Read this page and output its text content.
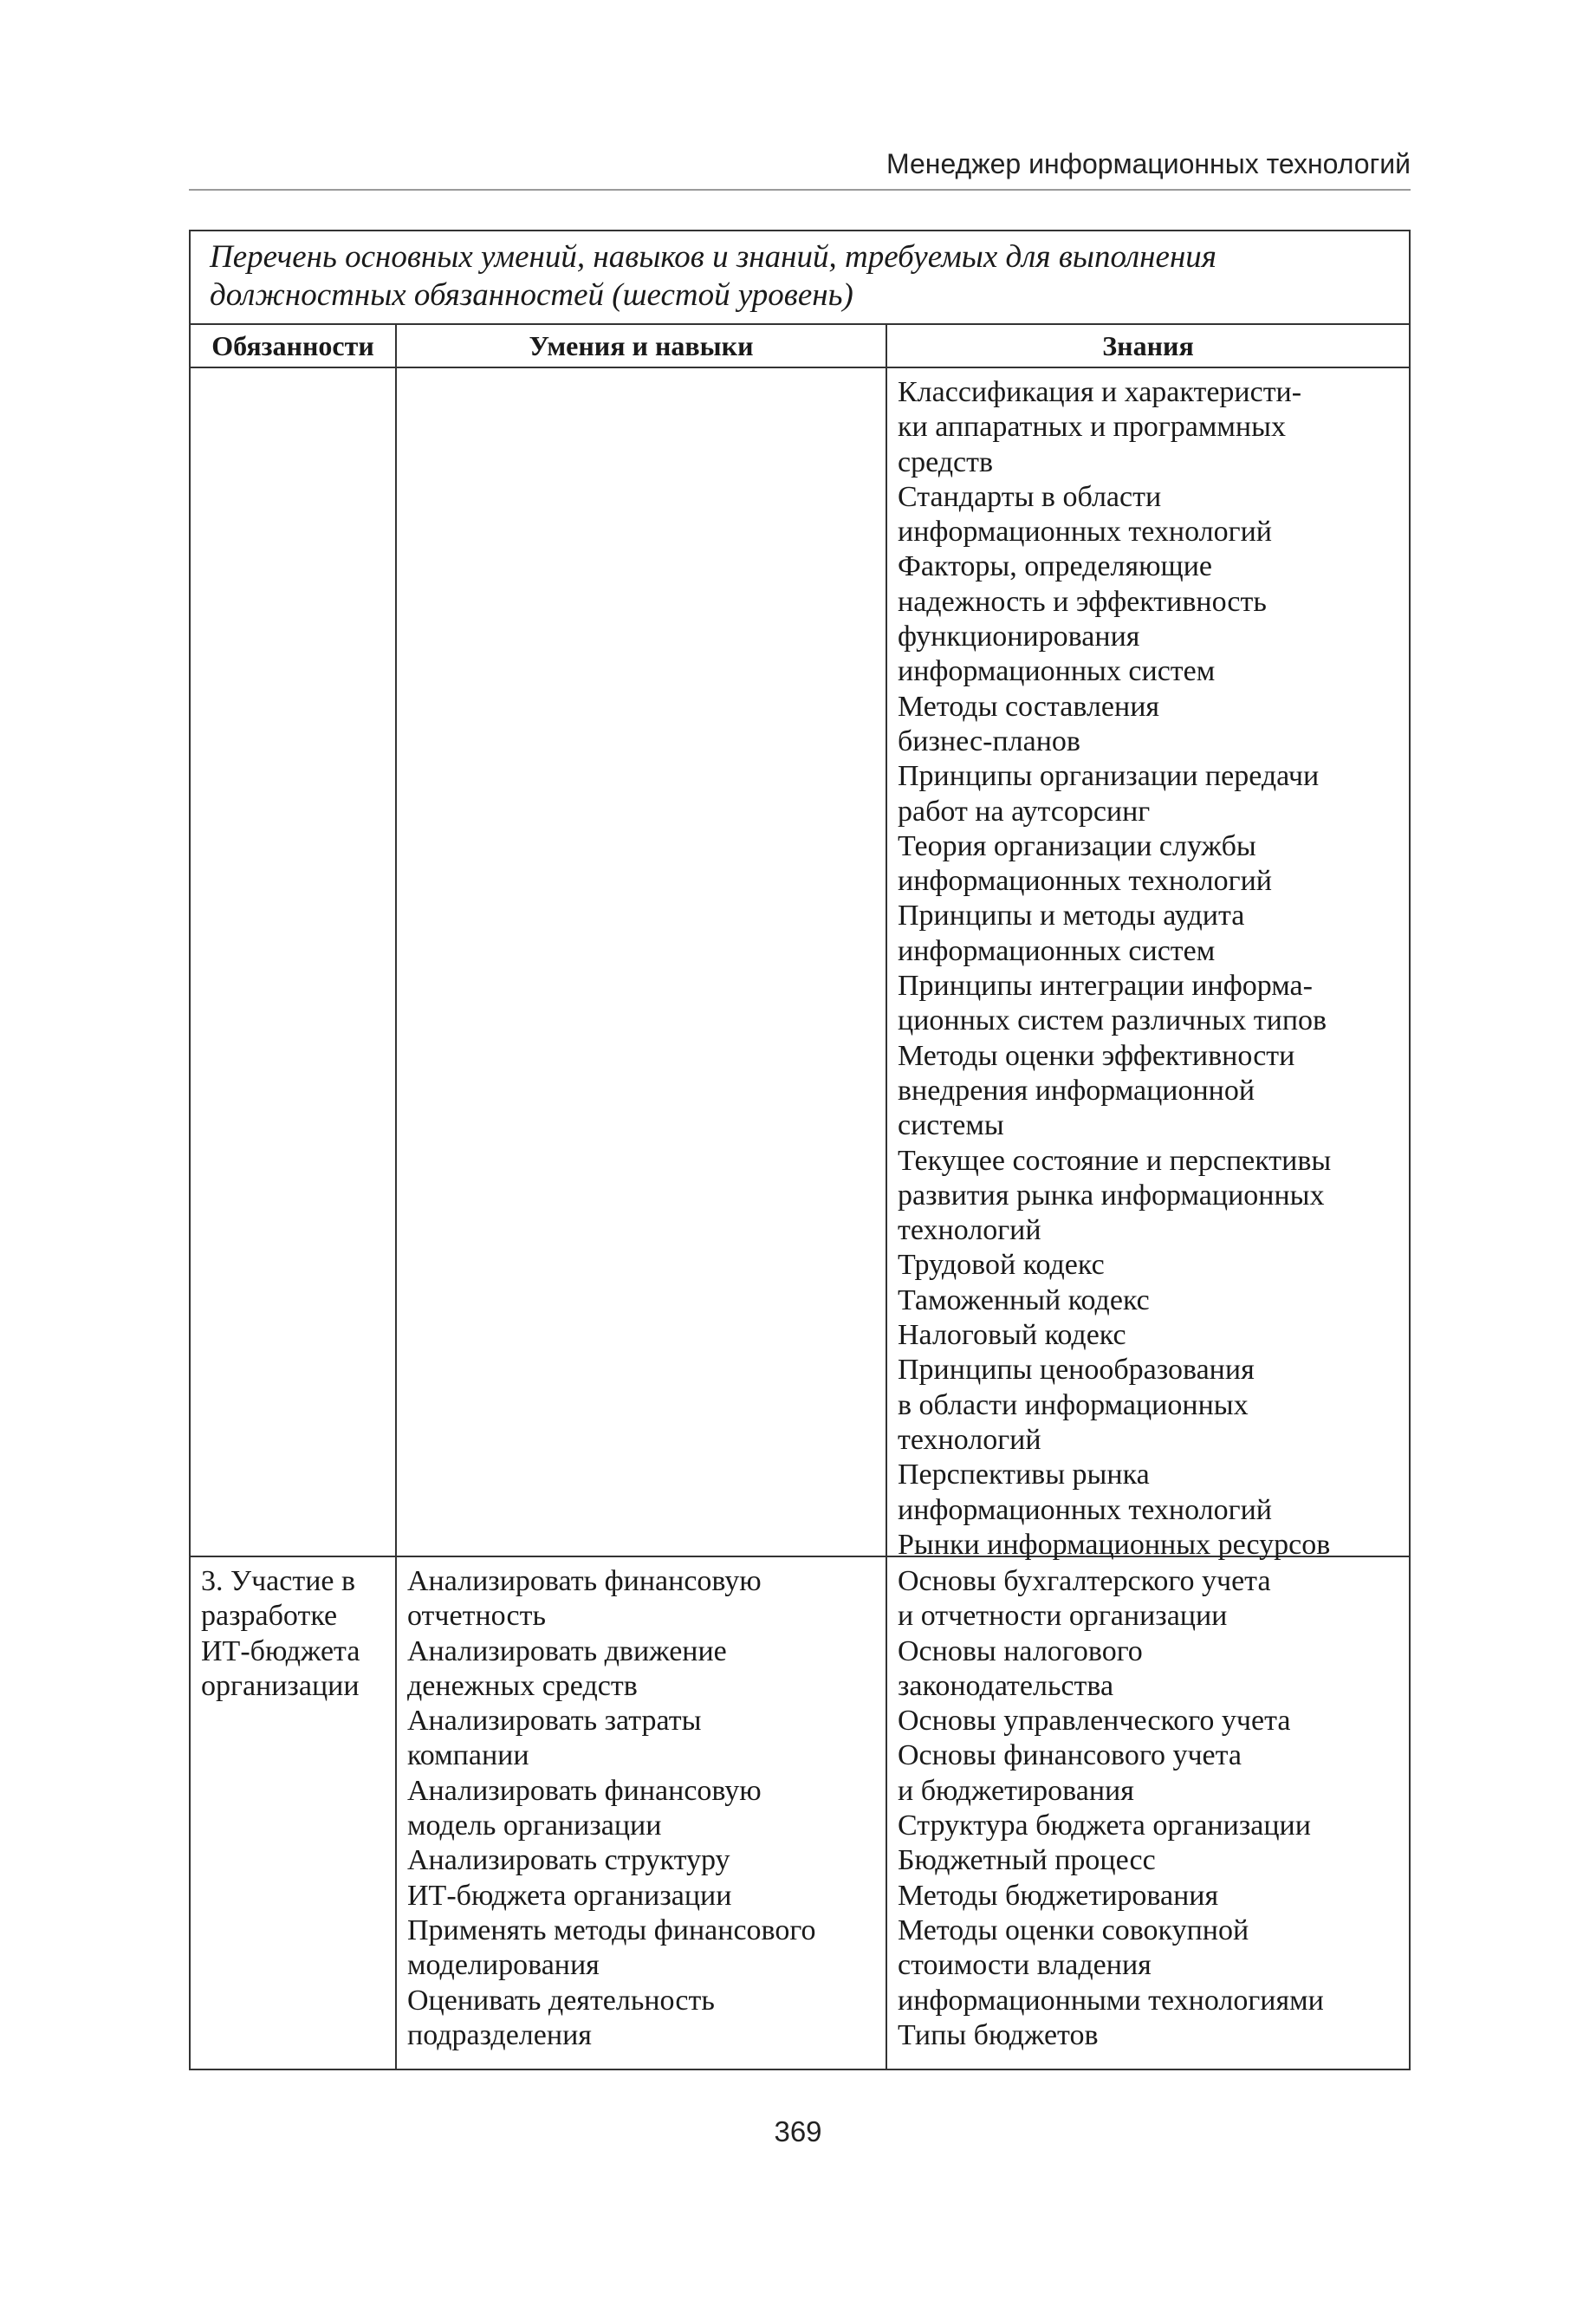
Менеджер информационных технологий
Перечень основных умений, навыков и знаний, требуемых для выполнения
должностных обязанностей (шестой уровень)
Обязанности	Умения и навыки	Знания
Классификация и характеристи-
ки аппаратных и программных
средств
Стандарты в области
информационных технологий
Факторы, определяющие
надежность и эффективность
функционирования
информационных систем
Методы составления
бизнес-планов
Принципы организации передачи
работ на аутсорсинг
Теория организации службы
информационных технологий
Принципы и методы аудита
информационных систем
Принципы интеграции информа-
ционных систем различных типов
Методы оценки эффективности
внедрения информационной
системы
Текущее состояние и перспективы
развития рынка информационных
технологий
Трудовой кодекс
Таможенный кодекс
Налоговый кодекс
Принципы ценообразования
в области информационных
технологий
Перспективы рынка
информационных технологий
Рынки информационных ресурсов
3. Участие в
разработке
ИТ-бюджета
организации
Анализировать финансовую
отчетность
Анализировать движение
денежных средств
Анализировать затраты
компании
Анализировать финансовую
модель организации
Анализировать структуру
ИТ-бюджета организации
Применять методы финансового
моделирования
Оценивать деятельность
подразделения
Основы бухгалтерского учета
и отчетности организации
Основы налогового
законодательства
Основы управленческого учета
Основы финансового учета
и бюджетирования
Структура бюджета организации
Бюджетный процесс
Методы бюджетирования
Методы оценки совокупной
стоимости владения
информационными технологиями
Типы бюджетов
369
